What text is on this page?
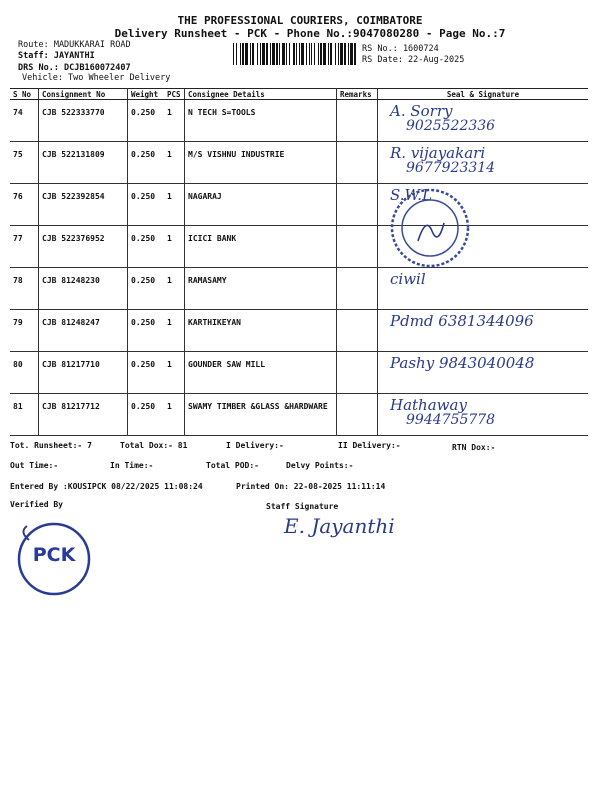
THE PROFESSIONAL COURIERS, COIMBATORE
Delivery Runsheet - PCK - Phone No.:9047080280 - Page No.:7
Route: MADUKKARAI ROAD
Staff: JAYANTHI
DRS No.: DCJB160072407
Vehicle: Two Wheeler Delivery
RS No.: 1600724
RS Date: 22-Aug-2025
S No	Consignment No	Weight	PCS	Consignee Details	Remarks	Seal & Signature
74	CJB 522333770	0.250	1	N TECH S=TOOLS		A. Sorry
9025522336

75	CJB 522131809	0.250	1	M/S VISHNU INDUSTRIE		R. vijayakari
9677923314

76	CJB 522392854	0.250	1	NAGARAJ		S.W.L

77	CJB 522376952	0.250	1	ICICI BANK		

78	CJB 81248230	0.250	1	RAMASAMY		ciwil

79	CJB 81248247	0.250	1	KARTHIKEYAN		Pdmd 6381344096

80	CJB 81217710	0.250	1	GOUNDER SAW MILL		Pashy 9843040048

81	CJB 81217712	0.250	1	SWAMY TIMBER &GLASS &HARDWARE		Hathaway
9944755778
Tot. Runsheet:- 7	Total Dox:- 81	I Delivery:-	II Delivery:-	RTN Dox:-
Out Time:-	In Time:-	Total POD:-	Delvy Points:-
Entered By :KOUSIPCK 08/22/2025 11:08:24	Printed On: 22-08-2025 11:11:14
Verified By	Staff Signature
E. Jayanthi
PCK
